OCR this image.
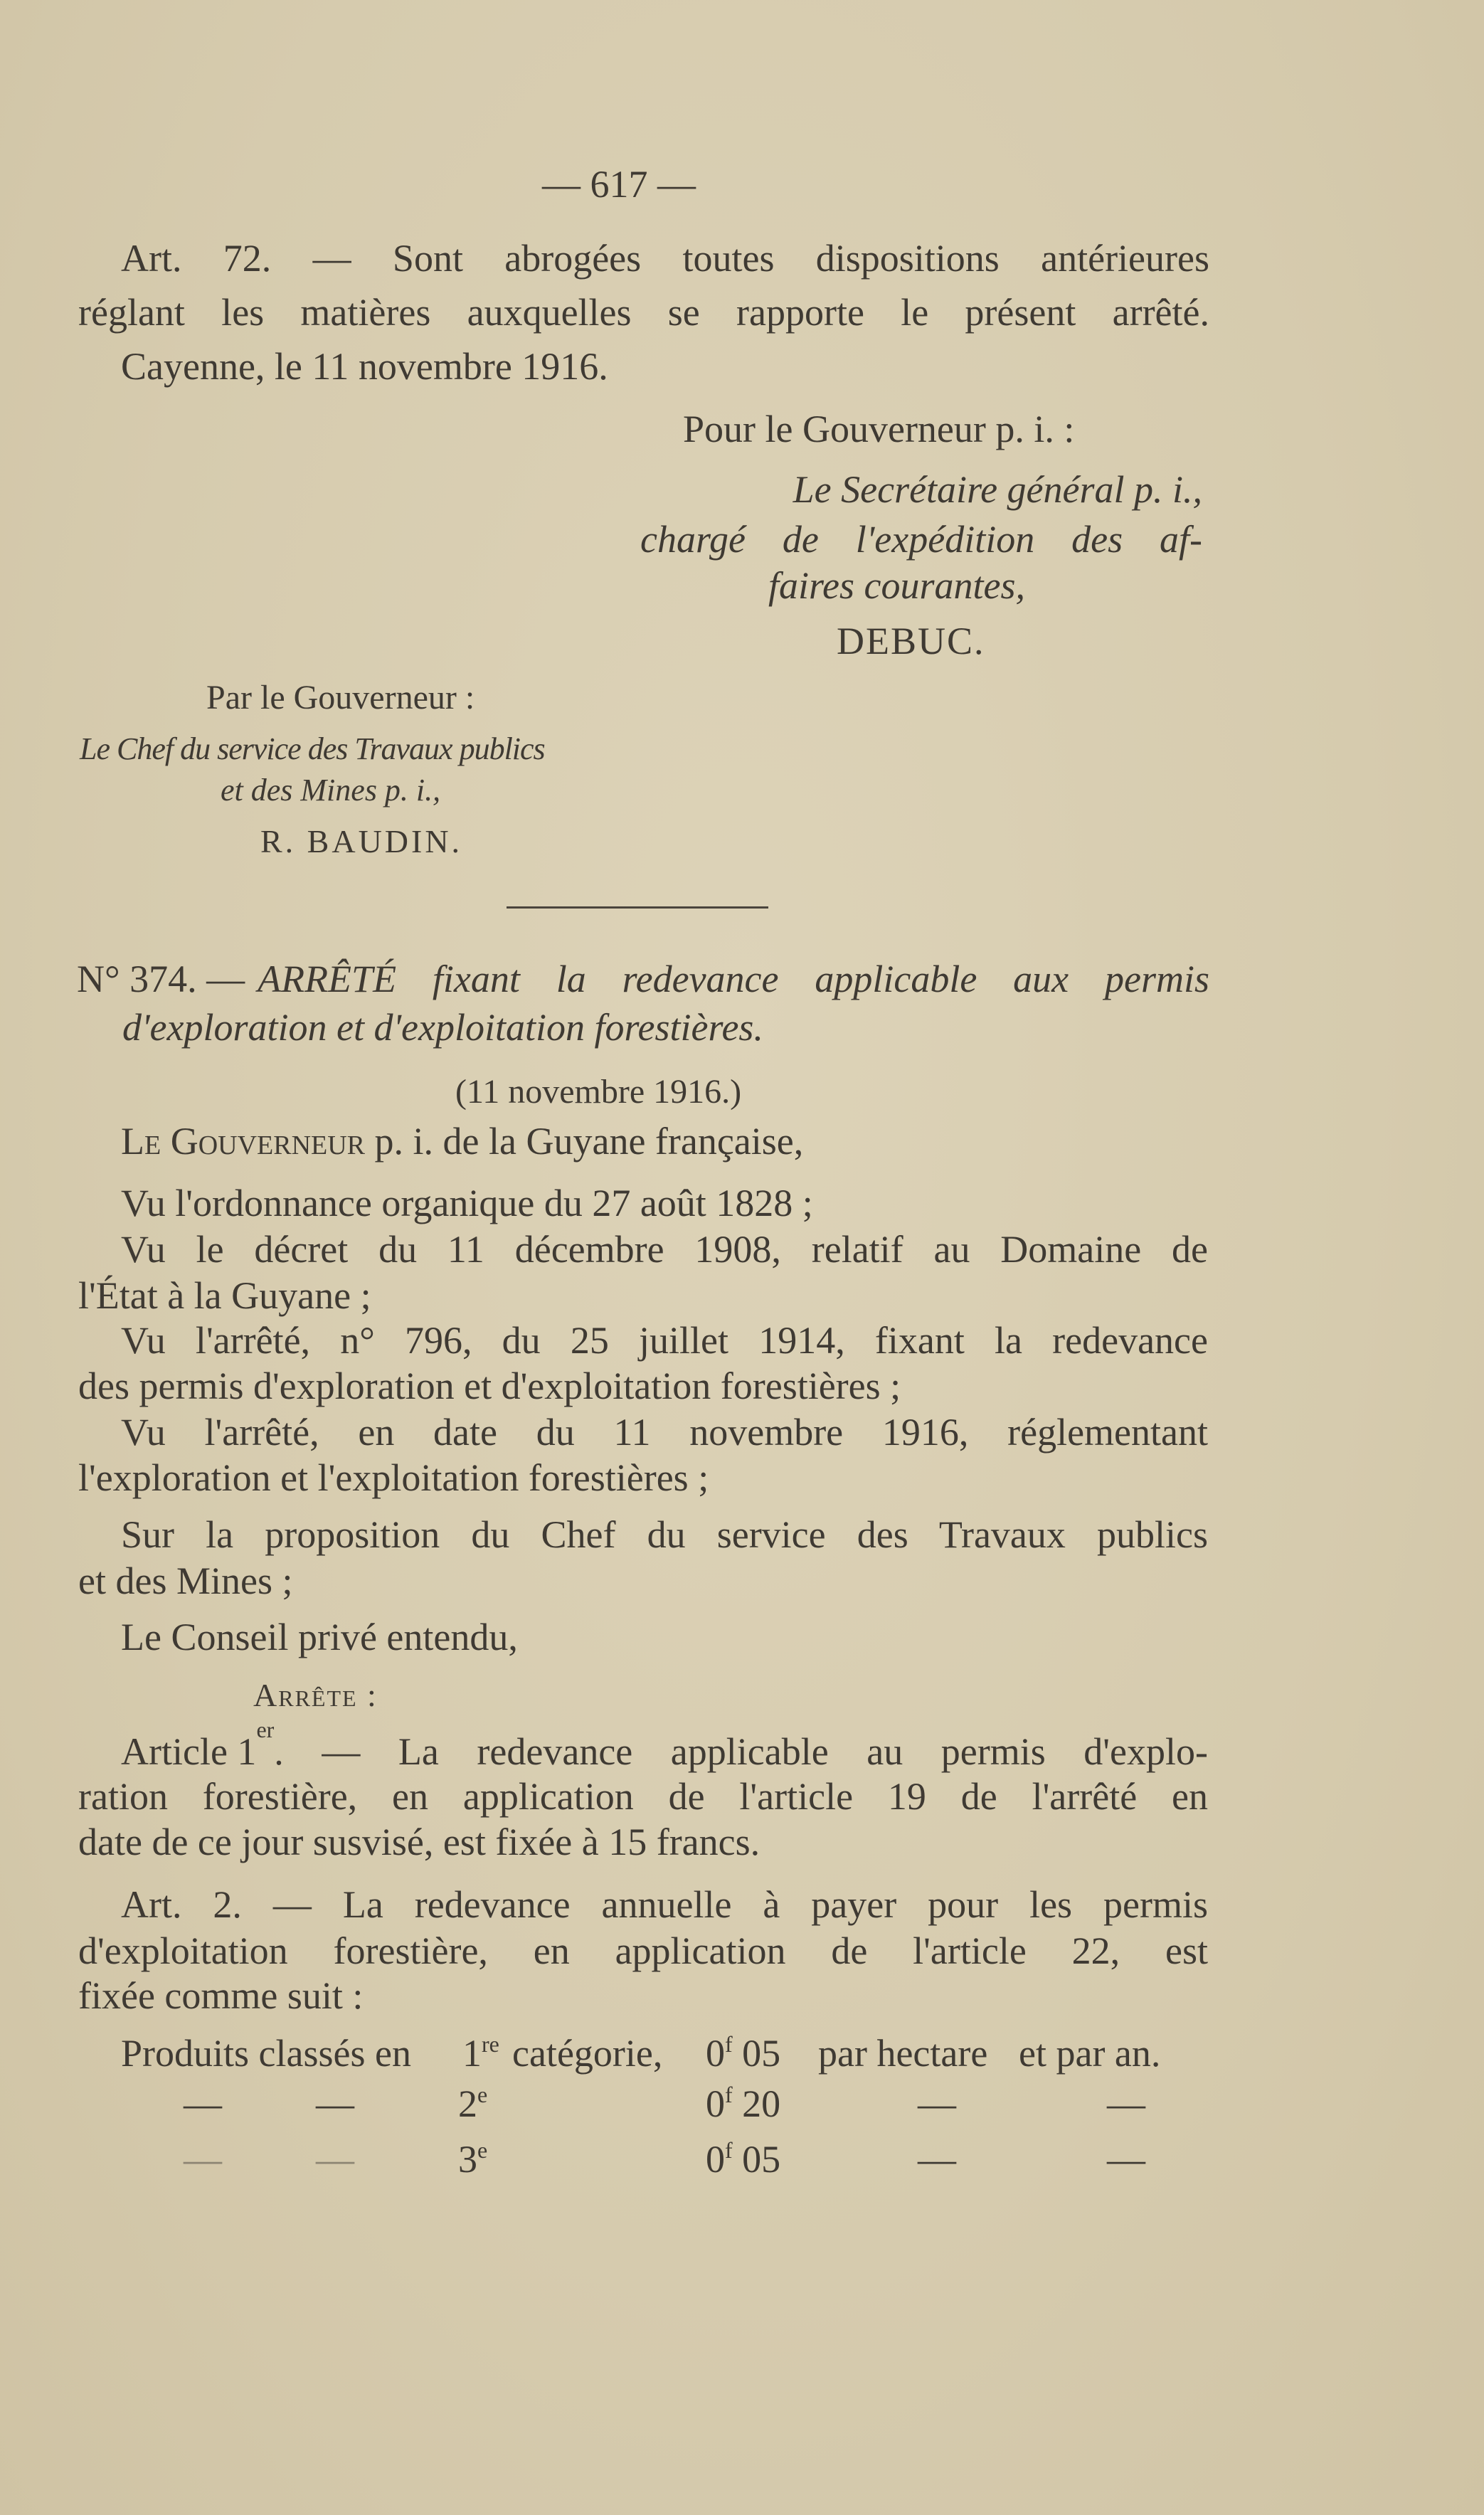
— 617 —
Art. 72. — Sont abrogées toutes dispositions antérieures
réglant les matières auxquelles se rapporte le présent arrêté.
Cayenne, le 11 novembre 1916.
Pour le Gouverneur p. i. :
Le Secrétaire général p. i.,
chargé de l'expédition des af-
faires courantes,
DEBUC.
Par le Gouverneur :
Le Chef du service des Travaux publics
et des Mines p. i.,
R. BAUDIN.
N° 374. — ARRÊTÉ fixant la redevance applicable aux permis
d'exploration et d'exploitation forestières.
(11 novembre 1916.)
Le Gouverneur p. i. de la Guyane française,
Vu l'ordonnance organique du 27 août 1828 ;
Vu le décret du 11 décembre 1908, relatif au Domaine de
l'État à la Guyane ;
Vu l'arrêté, n° 796, du 25 juillet 1914, fixant la redevance
des permis d'exploration et d'exploitation forestières ;
Vu l'arrêté, en date du 11 novembre 1916, réglementant
l'exploration et l'exploitation forestières ;
Sur la proposition du Chef du service des Travaux publics
et des Mines ;
Le Conseil privé entendu,
Arrête :
Article 1
er
. — La redevance applicable au permis d'explo-
ration forestière, en application de l'article 19 de l'arrêté en
date de ce jour susvisé, est fixée à 15 francs.
Art. 2. — La redevance annuelle à payer pour les permis
d'exploitation forestière, en application de l'article 22, est
fixée comme suit :
Produits classés en 1re catégorie, 0$^f$ 05 par hectare et par an.
— —	2e	0$^f$ 20	—	—
— —	3e	0$^f$ 05	—	—
